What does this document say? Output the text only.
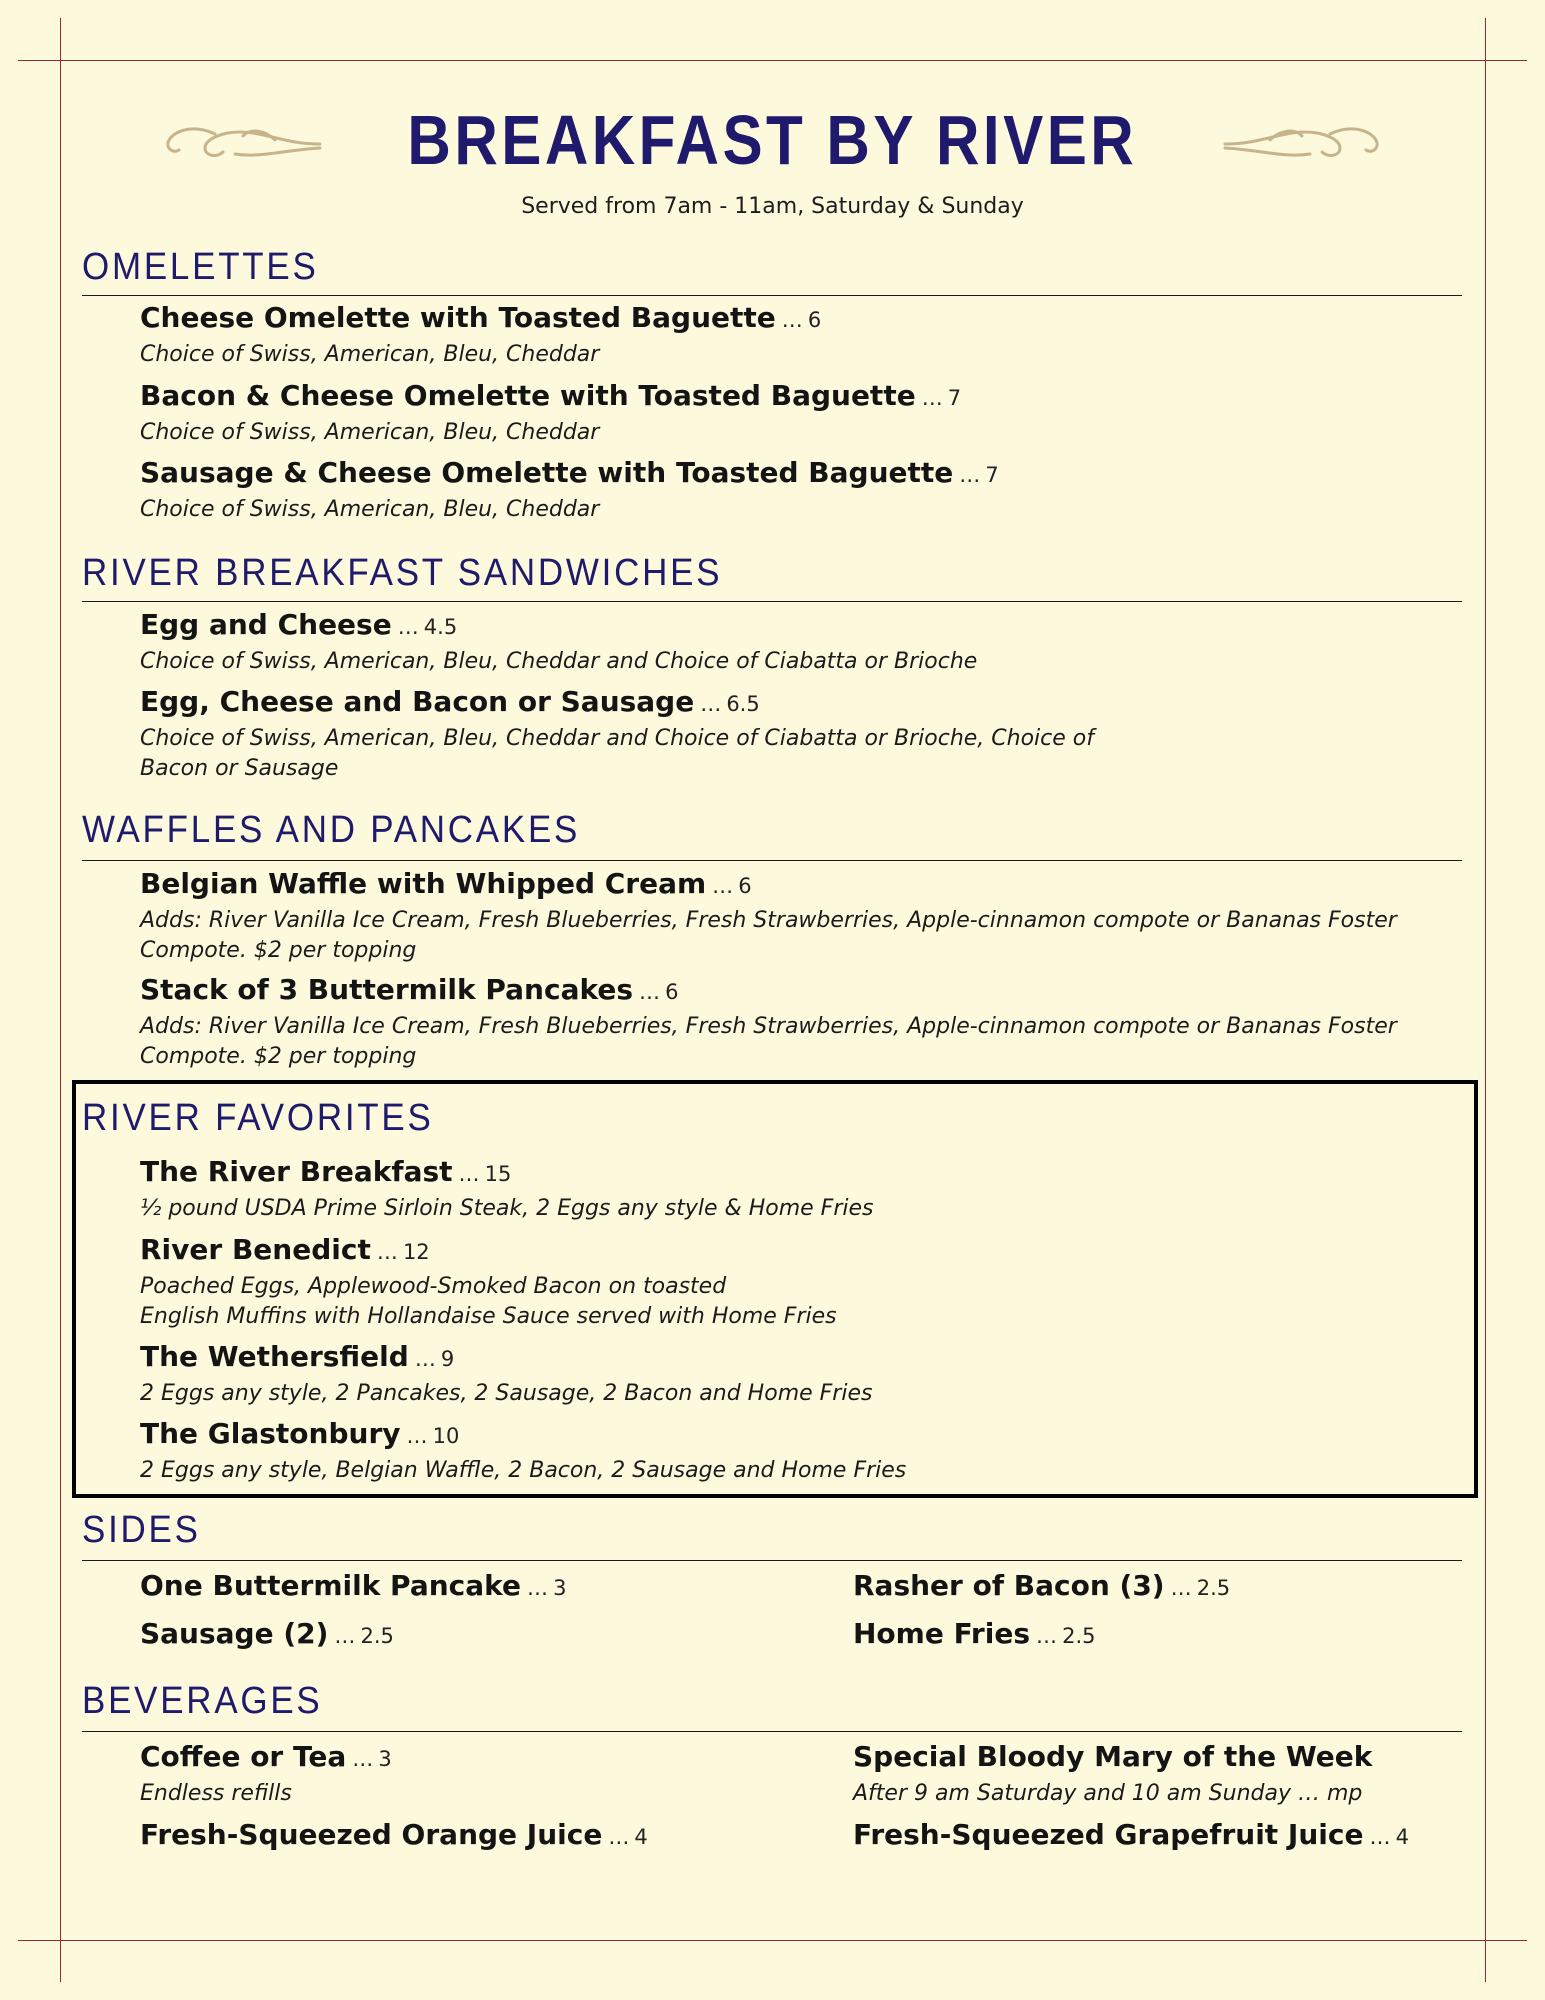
BREAKFAST BY RIVER
Served from 7am - 11am, Saturday & Sunday
OMELETTES
Cheese Omelette with Toasted Baguette … 6
Choice of Swiss, American, Bleu, Cheddar
Bacon & Cheese Omelette with Toasted Baguette … 7
Choice of Swiss, American, Bleu, Cheddar
Sausage & Cheese Omelette with Toasted Baguette … 7
Choice of Swiss, American, Bleu, Cheddar
RIVER BREAKFAST SANDWICHES
Egg and Cheese … 4.5
Choice of Swiss, American, Bleu, Cheddar and Choice of Ciabatta or Brioche
Egg, Cheese and Bacon or Sausage … 6.5
Choice of Swiss, American, Bleu, Cheddar and Choice of Ciabatta or Brioche, Choice of
Bacon or Sausage
WAFFLES AND PANCAKES
Belgian Waffle with Whipped Cream … 6
Adds: River Vanilla Ice Cream, Fresh Blueberries, Fresh Strawberries, Apple-cinnamon compote or Bananas Foster
Compote. $2 per topping
Stack of 3 Buttermilk Pancakes … 6
Adds: River Vanilla Ice Cream, Fresh Blueberries, Fresh Strawberries, Apple-cinnamon compote or Bananas Foster
Compote. $2 per topping
RIVER FAVORITES
The River Breakfast … 15
½ pound USDA Prime Sirloin Steak, 2 Eggs any style & Home Fries
River Benedict … 12
Poached Eggs, Applewood-Smoked Bacon on toasted
English Muffins with Hollandaise Sauce served with Home Fries
The Wethersfield … 9
2 Eggs any style, 2 Pancakes, 2 Sausage, 2 Bacon and Home Fries
The Glastonbury … 10
2 Eggs any style, Belgian Waffle, 2 Bacon, 2 Sausage and Home Fries
SIDES
One Buttermilk Pancake … 3	Rasher of Bacon (3) … 2.5
Sausage (2) … 2.5	Home Fries … 2.5
BEVERAGES
Coffee or Tea … 3
Endless refills
Special Bloody Mary of the Week
After 9 am Saturday and 10 am Sunday … mp
Fresh-Squeezed Orange Juice … 4	Fresh-Squeezed Grapefruit Juice … 4
